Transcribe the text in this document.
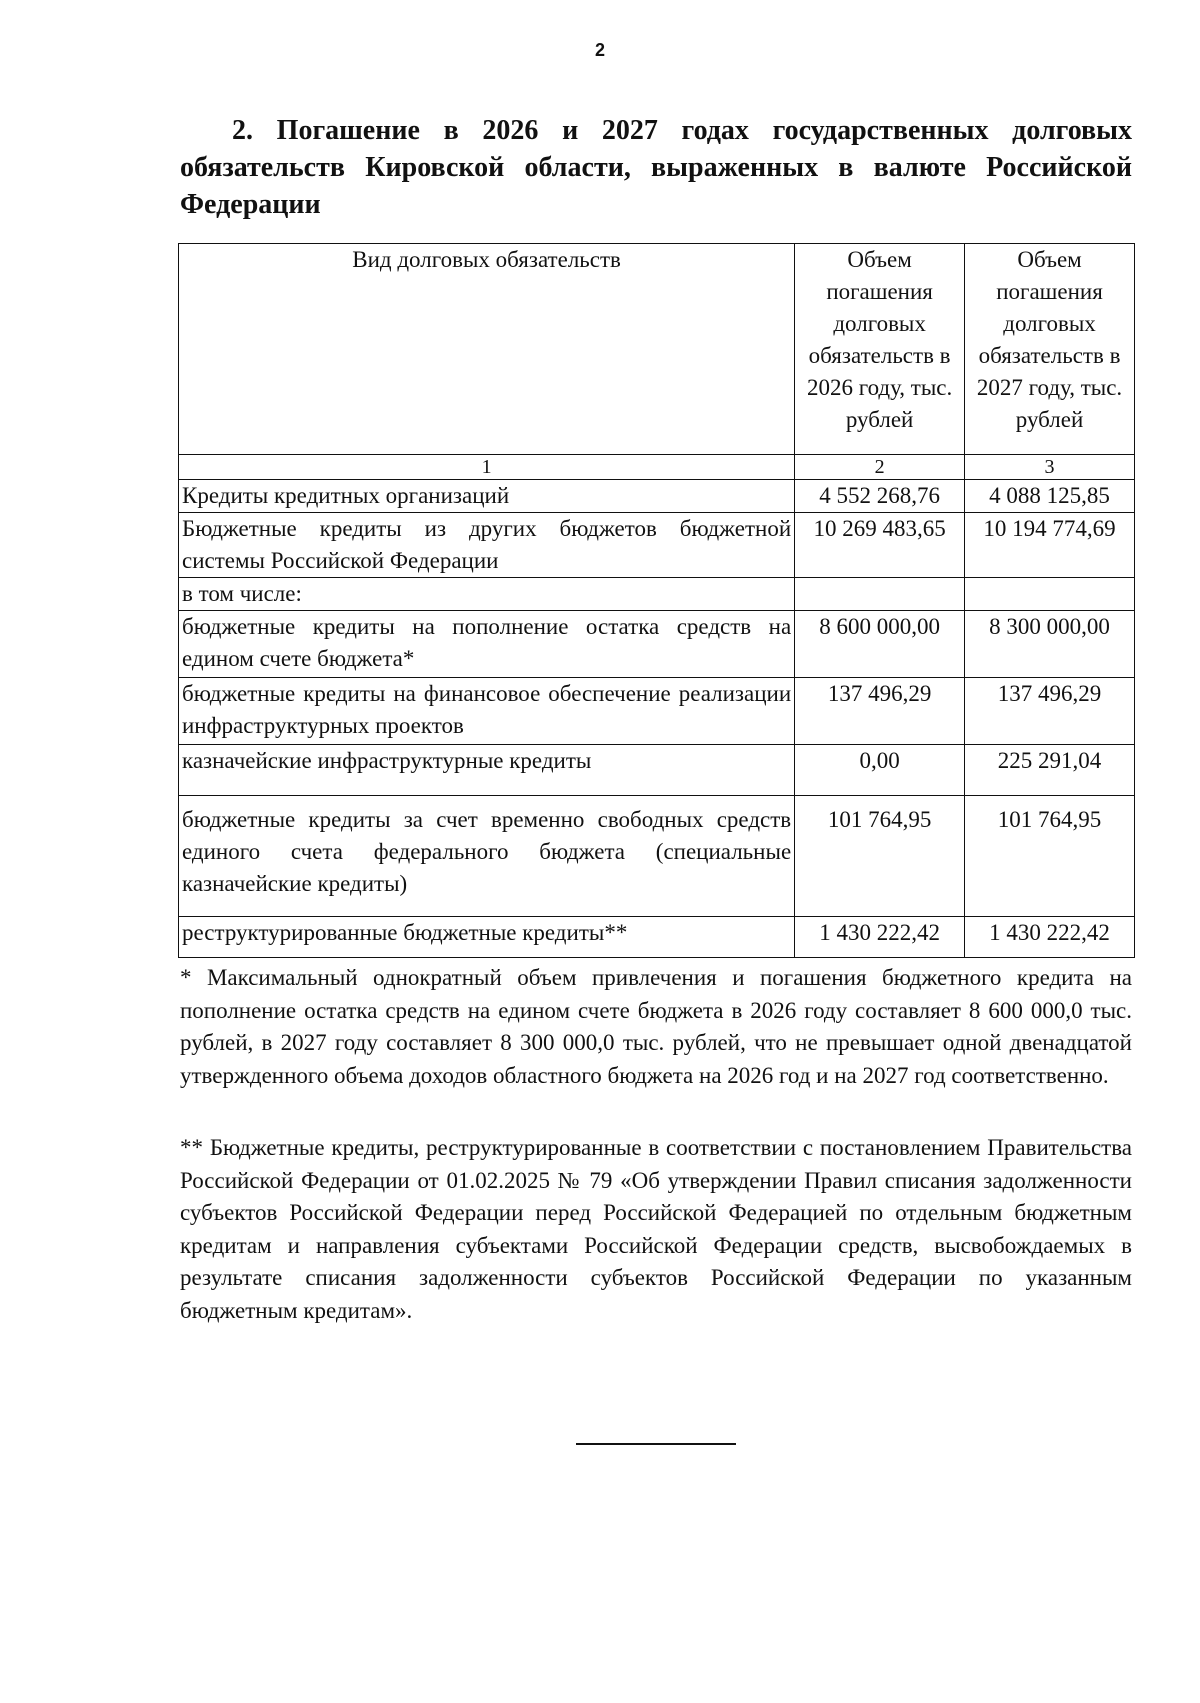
2

2. Погашение в 2026 и 2027 годах государственных долговых обязательств Кировской области, выраженных в валюте Российской Федерации

Вид долговых обязательств	Объем погашения долговых обязательств в 2026 году, тыс. рублей	Объем погашения долговых обязательств в 2027 году, тыс. рублей
1	2	3
Кредиты кредитных организаций	4 552 268,76	4 088 125,85
Бюджетные кредиты из других бюджетов бюджетной системы Российской Федерации	10 269 483,65	10 194 774,69
в том числе:		
бюджетные кредиты на пополнение остатка средств на едином счете бюджета*	8 600 000,00	8 300 000,00
бюджетные кредиты на финансовое обеспечение реализации инфраструктурных проектов	137 496,29	137 496,29
казначейские инфраструктурные кредиты	0,00	225 291,04
бюджетные кредиты за счет временно свободных средств единого счета федерального бюджета (специальные казначейские кредиты)	101 764,95	101 764,95
реструктурированные бюджетные кредиты**	1 430 222,42	1 430 222,42

* Максимальный однократный объем привлечения и погашения бюджетного кредита на пополнение остатка средств на едином счете бюджета в 2026 году составляет 8 600 000,0 тыс. рублей, в 2027 году составляет 8 300 000,0 тыс. рублей, что не превышает одной двенадцатой утвержденного объема доходов областного бюджета на 2026 год и на 2027 год соответственно.

** Бюджетные кредиты, реструктурированные в соответствии с постановлением Правительства Российской Федерации от 01.02.2025 № 79 «Об утверждении Правил списания задолженности субъектов Российской Федерации перед Российской Федерацией по отдельным бюджетным кредитам и направления субъектами Российской Федерации средств, высвобождаемых в результате списания задолженности субъектов Российской Федерации по указанным бюджетным кредитам».
